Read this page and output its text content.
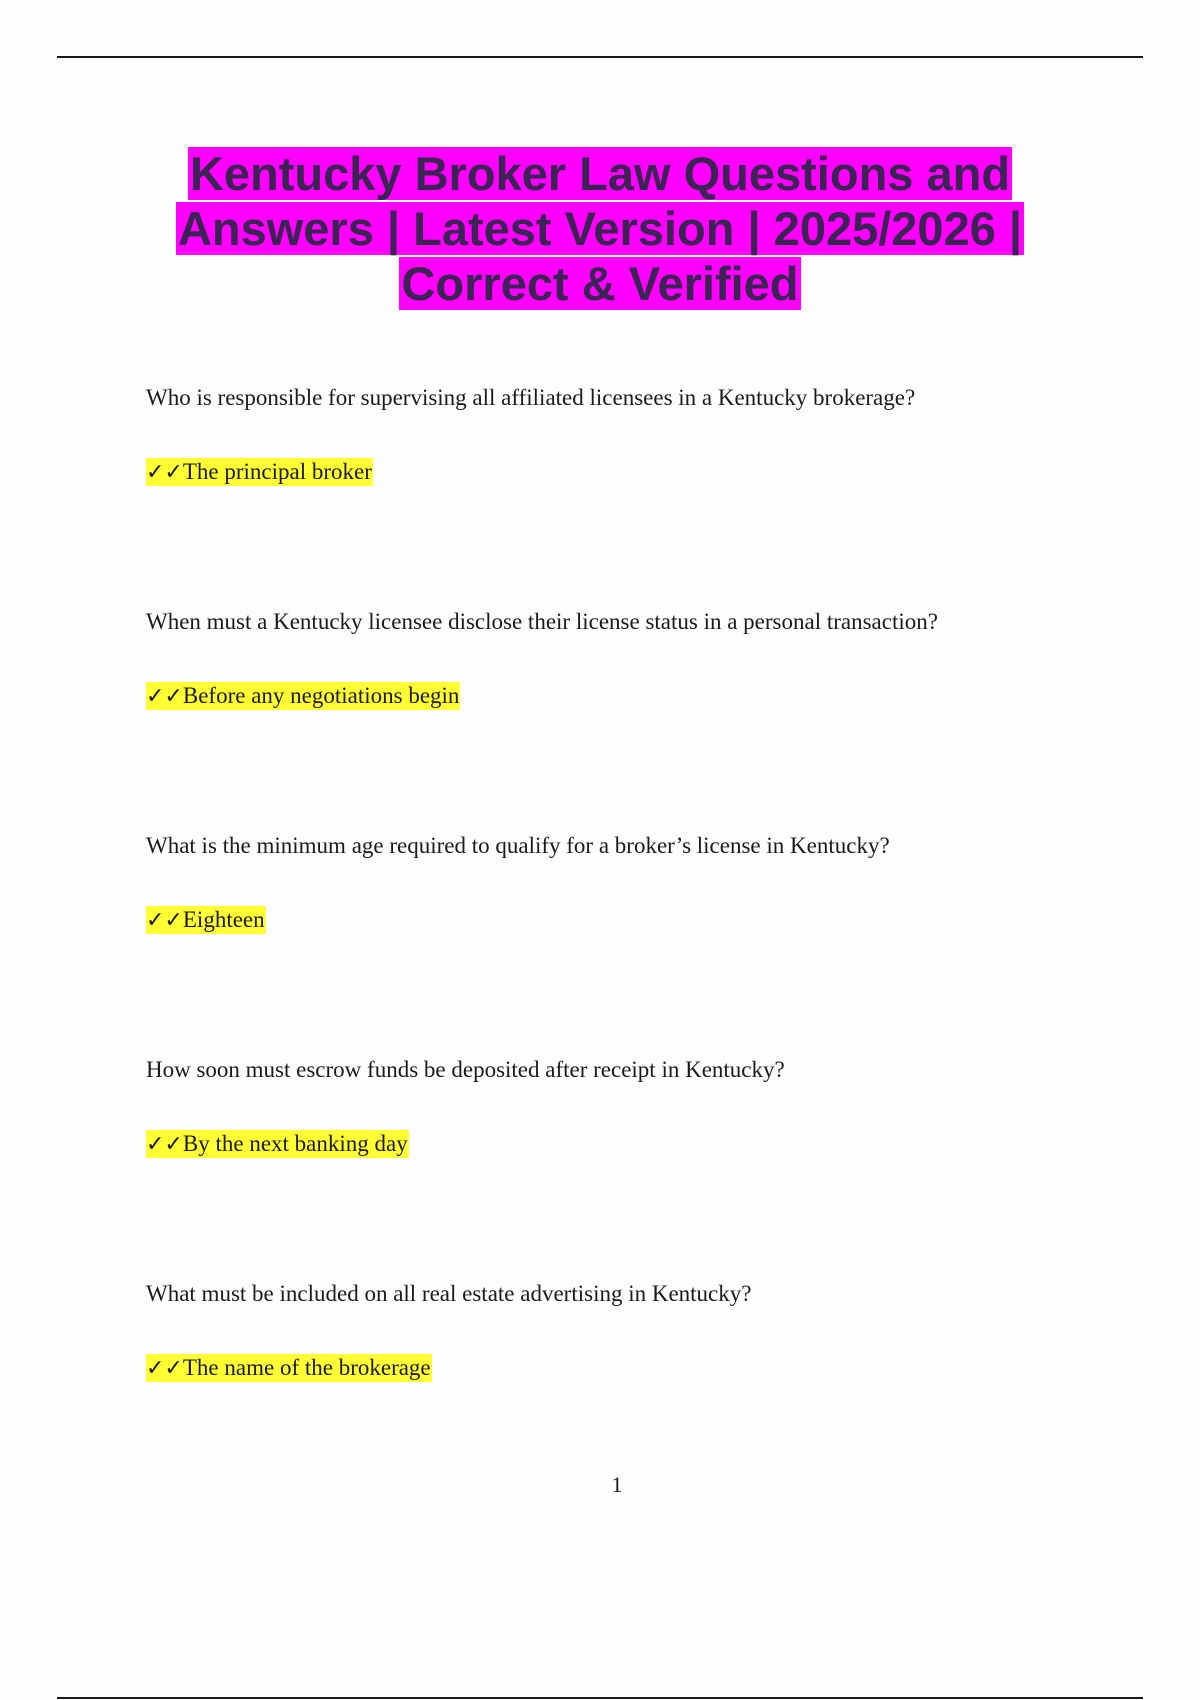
Kentucky Broker Law Questions and Answers | Latest Version | 2025/2026 | Correct & Verified

Who is responsible for supervising all affiliated licensees in a Kentucky brokerage?

✓✓The principal broker

When must a Kentucky licensee disclose their license status in a personal transaction?

✓✓Before any negotiations begin

What is the minimum age required to qualify for a broker’s license in Kentucky?

✓✓Eighteen

How soon must escrow funds be deposited after receipt in Kentucky?

✓✓By the next banking day

What must be included on all real estate advertising in Kentucky?

✓✓The name of the brokerage
1
